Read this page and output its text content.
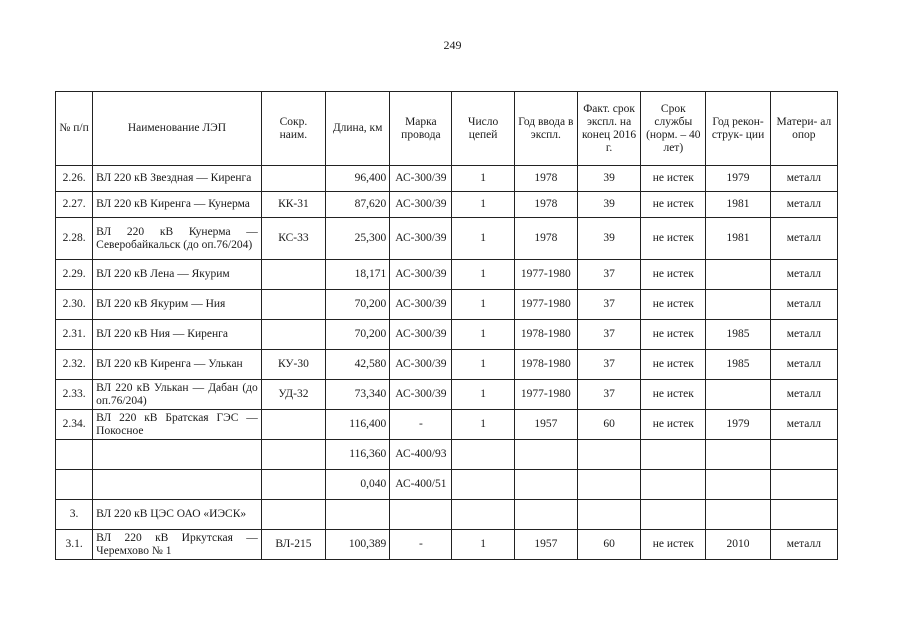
249
№ п/п	Наименование ЛЭП	Сокр. наим.	Длина, км	Марка провода	Число цепей	Год ввода в экспл.	Факт. срок экспл. на конец 2016 г.	Срок службы (норм. – 40 лет)	Год рекон- струк- ции	Матери- ал опор
2.26.	ВЛ 220 кВ Звездная — Киренга		96,400	АС-300/39	1	1978	39	не истек	1979	металл
2.27.	ВЛ 220 кВ Киренга — Кунерма	КК-31	87,620	АС-300/39	1	1978	39	не истек	1981	металл
2.28.	ВЛ 220 кВ Кунерма — Северобайкальск (до оп.76/204)	КС-33	25,300	АС-300/39	1	1978	39	не истек	1981	металл
2.29.	ВЛ 220 кВ Лена — Якурим		18,171	АС-300/39	1	1977-1980	37	не истек		металл
2.30.	ВЛ 220 кВ Якурим — Ния		70,200	АС-300/39	1	1977-1980	37	не истек		металл
2.31.	ВЛ 220 кВ Ния — Киренга		70,200	АС-300/39	1	1978-1980	37	не истек	1985	металл
2.32.	ВЛ 220 кВ Киренга — Улькан	КУ-30	42,580	АС-300/39	1	1978-1980	37	не истек	1985	металл
2.33.	ВЛ 220 кВ Улькан — Дабан (до оп.76/204)	УД-32	73,340	АС-300/39	1	1977-1980	37	не истек		металл
2.34.	ВЛ 220 кВ Братская ГЭС — Покосное		116,400	-	1	1957	60	не истек	1979	металл
			116,360	АС-400/93						
			0,040	АС-400/51						
3.	ВЛ 220 кВ ЦЭС ОАО «ИЭСК»									
3.1.	ВЛ 220 кВ Иркутская — Черемхово № 1	ВЛ-215	100,389	-	1	1957	60	не истек	2010	металл
